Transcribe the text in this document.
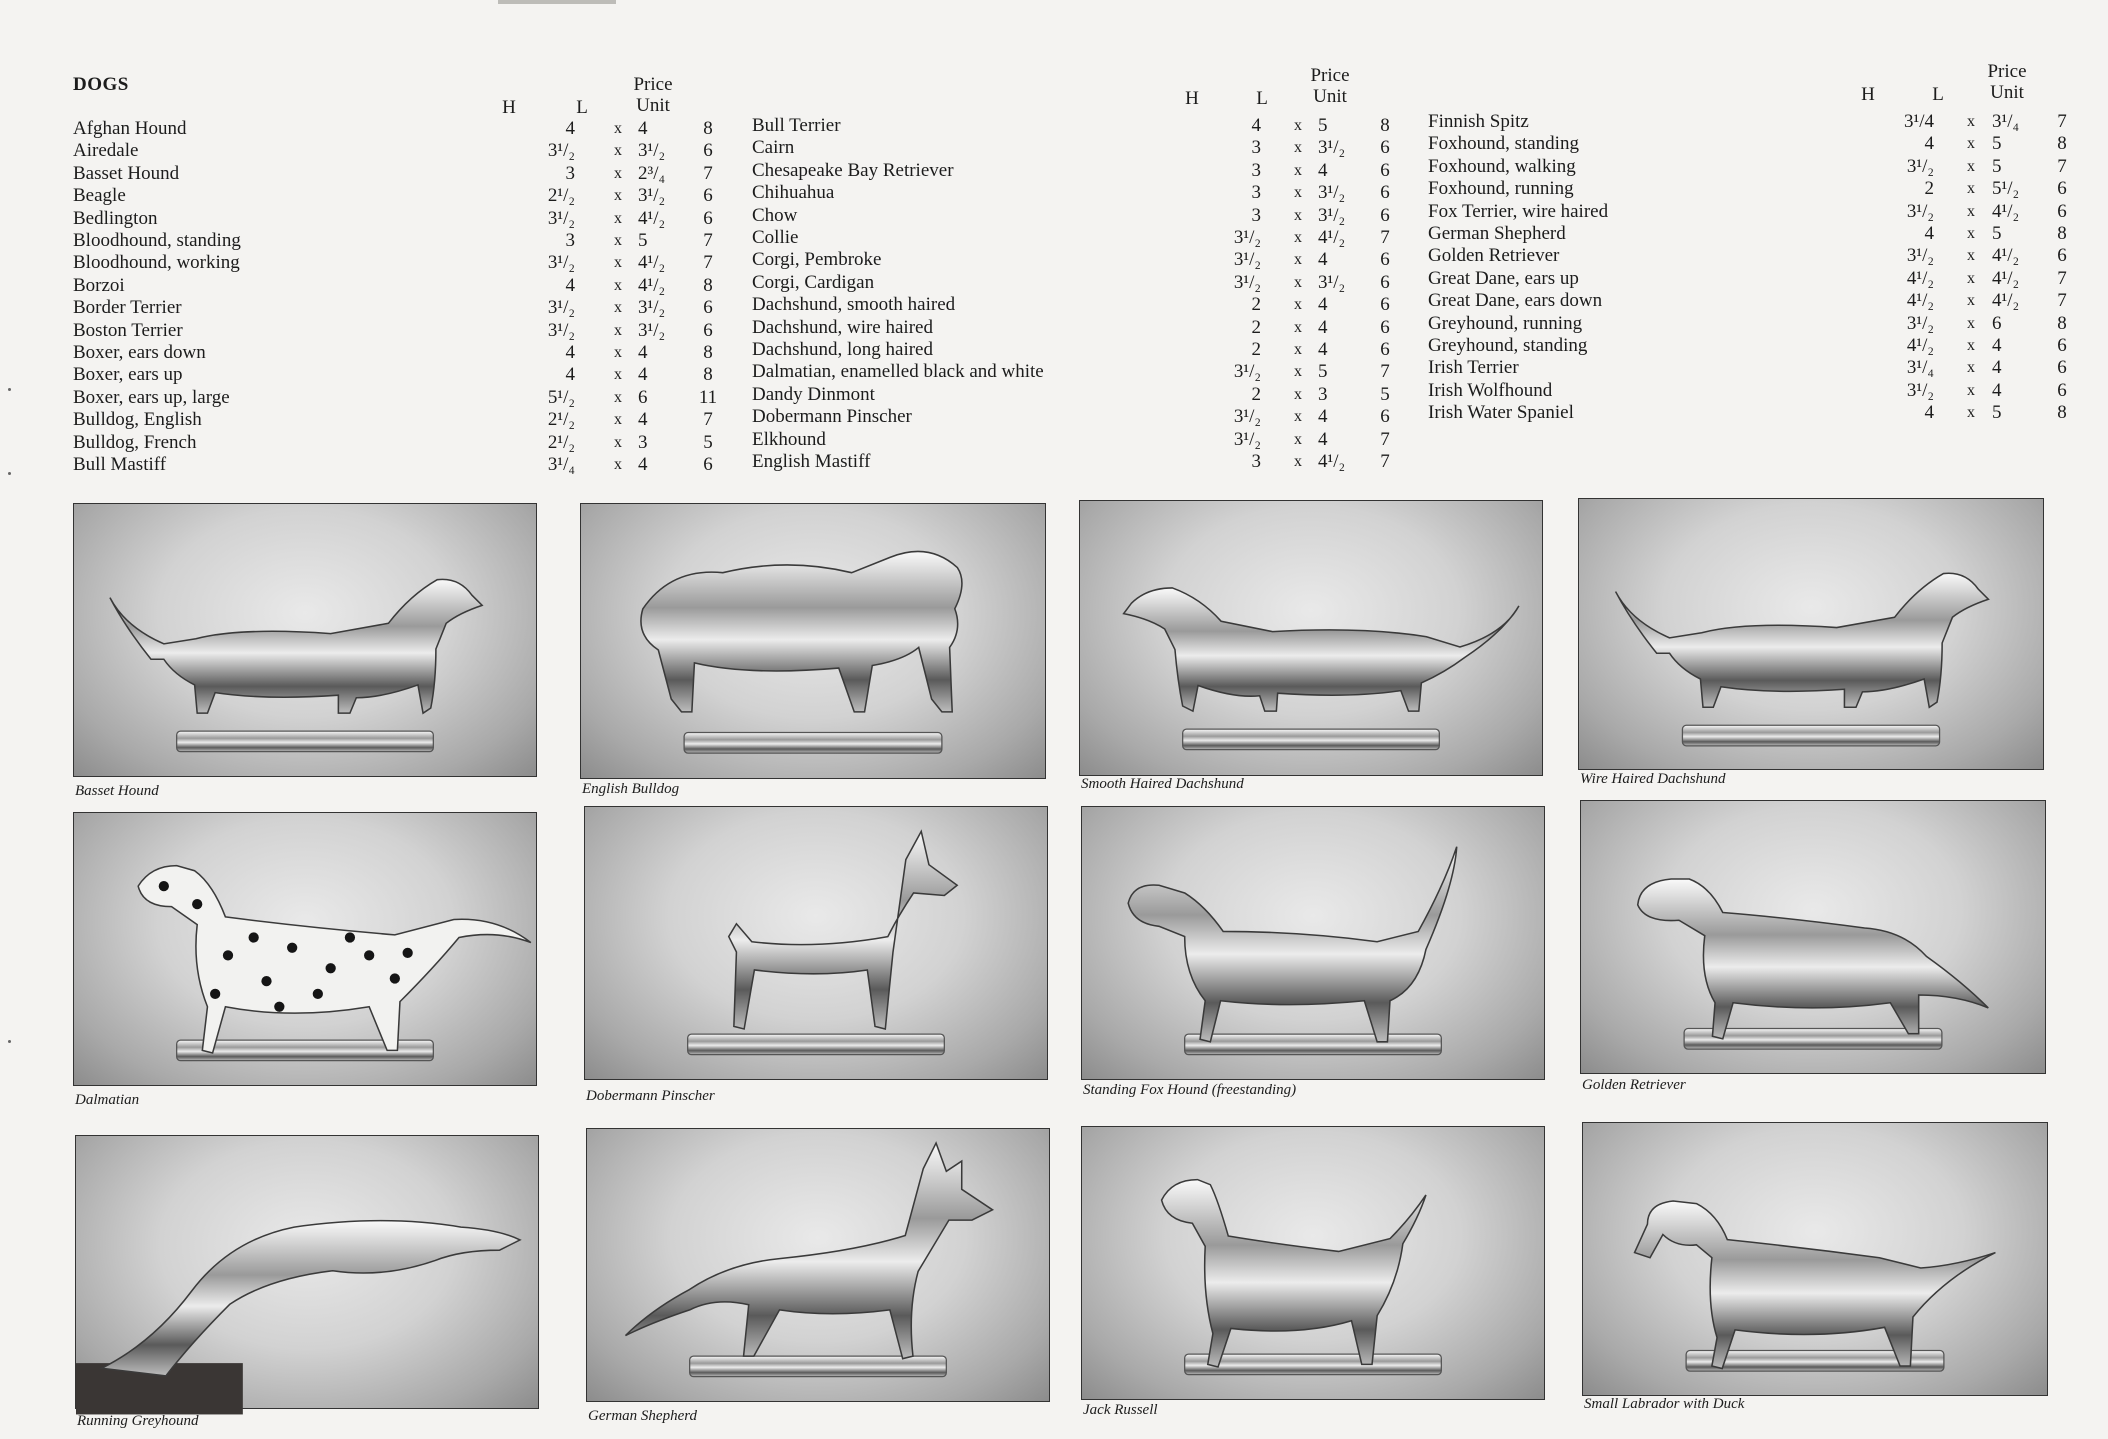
DOGS	Price
Unit
H	L
Afghan Hound	4	x 4	8
Airedale	3¹/₂	x 3¹/₂	6
Basset Hound	3	x 2³/₄	7
Beagle	2¹/₂	x 3¹/₂	6
Bedlington	3¹/₂	x 4¹/₂	6
Bloodhound, standing	3	x 5	7
Bloodhound, working	3¹/₂	x 4¹/₂	7
Borzoi	4	x 4¹/₂	8
Border Terrier	3¹/₂	x 3¹/₂	6
Boston Terrier	3¹/₂	x 3¹/₂	6
Boxer, ears down	4	x 4	8
Boxer, ears up	4	x 4	8
Boxer, ears up, large	5¹/₂	x 6	11
Bulldog, English	2¹/₂	x 4	7
Bulldog, French	2¹/₂	x 3	5
Bull Mastiff	3¹/₄	x 4	6
Price
Unit
H	L
Bull Terrier	4	x 5	8
Cairn	3	x 3¹/₂	6
Chesapeake Bay Retriever	3	x 4	6
Chihuahua	3	x 3¹/₂	6
Chow	3	x 3¹/₂	6
Collie	3¹/₂	x 4¹/₂	7
Corgi, Pembroke	3¹/₂	x 4	6
Corgi, Cardigan	3¹/₂	x 3¹/₂	6
Dachshund, smooth haired	2	x 4	6
Dachshund, wire haired	2	x 4	6
Dachshund, long haired	2	x 4	6
Dalmatian, enamelled black and white	3¹/₂	x 5	7
Dandy Dinmont	2	x 3	5
Dobermann Pinscher	3¹/₂	x 4	6
Elkhound	3¹/₂	x 4	7
English Mastiff	3	x 4¹/₂	7
Price
Unit
H	L
Finnish Spitz	3¹/4	x 3¹/₄	7
Foxhound, standing	4	x 5	8
Foxhound, walking	3¹/₂	x 5	7
Foxhound, running	2	x 5¹/₂	6
Fox Terrier, wire haired	3¹/₂	x 4¹/₂	6
German Shepherd	4	x 5	8
Golden Retriever	3¹/₂	x 4¹/₂	6
Great Dane, ears up	4¹/₂	x 4¹/₂	7
Great Dane, ears down	4¹/₂	x 4¹/₂	7
Greyhound, running	3¹/₂	x 6	8
Greyhound, standing	4¹/₂	x 4	6
Irish Terrier	3¹/₄	x 4	6
Irish Wolfhound	3¹/₂	x 4	6
Irish Water Spaniel	4	x 5	8
Basset Hound	English Bulldog	Smooth Haired Dachshund	Wire Haired Dachshund
Dalmatian	Dobermann Pinscher	Standing Fox Hound (freestanding)	Golden Retriever
Running Greyhound	German Shepherd	Jack Russell	Small Labrador with Duck
